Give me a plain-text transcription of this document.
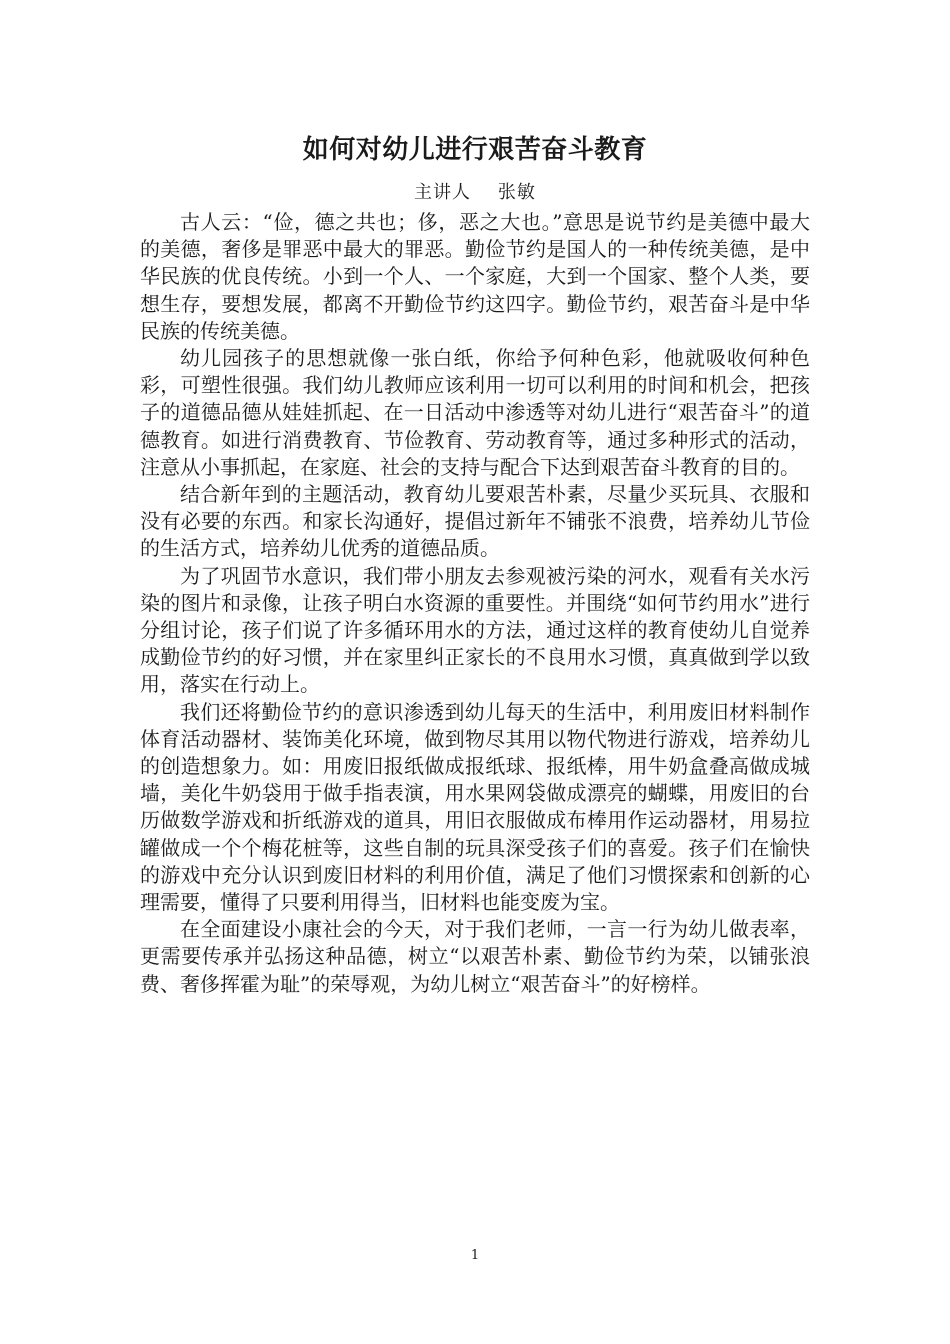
如何对幼儿进行艰苦奋斗教育

主讲人    张敏

古人云：“俭，德之共也；侈，恶之大也。”意思是说节约是美德中最大的美德，奢侈是罪恶中最大的罪恶。勤俭节约是国人的一种传统美德，是中华民族的优良传统。小到一个人、一个家庭，大到一个国家、整个人类，要想生存，要想发展，都离不开勤俭节约这四字。勤俭节约，艰苦奋斗是中华民族的传统美德。

幼儿园孩子的思想就像一张白纸，你给予何种色彩，他就吸收何种色彩，可塑性很强。我们幼儿教师应该利用一切可以利用的时间和机会，把孩子的道德品德从娃娃抓起、在一日活动中渗透等对幼儿进行“艰苦奋斗”的道德教育。如进行消费教育、节俭教育、劳动教育等，通过多种形式的活动，注意从小事抓起，在家庭、社会的支持与配合下达到艰苦奋斗教育的目的。

结合新年到的主题活动，教育幼儿要艰苦朴素，尽量少买玩具、衣服和没有必要的东西。和家长沟通好，提倡过新年不铺张不浪费，培养幼儿节俭的生活方式，培养幼儿优秀的道德品质。

为了巩固节水意识，我们带小朋友去参观被污染的河水，观看有关水污染的图片和录像，让孩子明白水资源的重要性。并围绕“如何节约用水”进行分组讨论，孩子们说了许多循环用水的方法，通过这样的教育使幼儿自觉养成勤俭节约的好习惯，并在家里纠正家长的不良用水习惯，真真做到学以致用，落实在行动上。

我们还将勤俭节约的意识渗透到幼儿每天的生活中，利用废旧材料制作体育活动器材、装饰美化环境，做到物尽其用以物代物进行游戏，培养幼儿的创造想象力。如：用废旧报纸做成报纸球、报纸棒，用牛奶盒叠高做成城墙，美化牛奶袋用于做手指表演，用水果网袋做成漂亮的蝴蝶，用废旧的台历做数学游戏和折纸游戏的道具，用旧衣服做成布棒用作运动器材，用易拉罐做成一个个梅花桩等，这些自制的玩具深受孩子们的喜爱。孩子们在愉快的游戏中充分认识到废旧材料的利用价值，满足了他们习惯探索和创新的心理需要，懂得了只要利用得当，旧材料也能变废为宝。

在全面建设小康社会的今天，对于我们老师，一言一行为幼儿做表率，更需要传承并弘扬这种品德，树立“以艰苦朴素、勤俭节约为荣，以铺张浪费、奢侈挥霍为耻”的荣辱观，为幼儿树立“艰苦奋斗”的好榜样。

1
